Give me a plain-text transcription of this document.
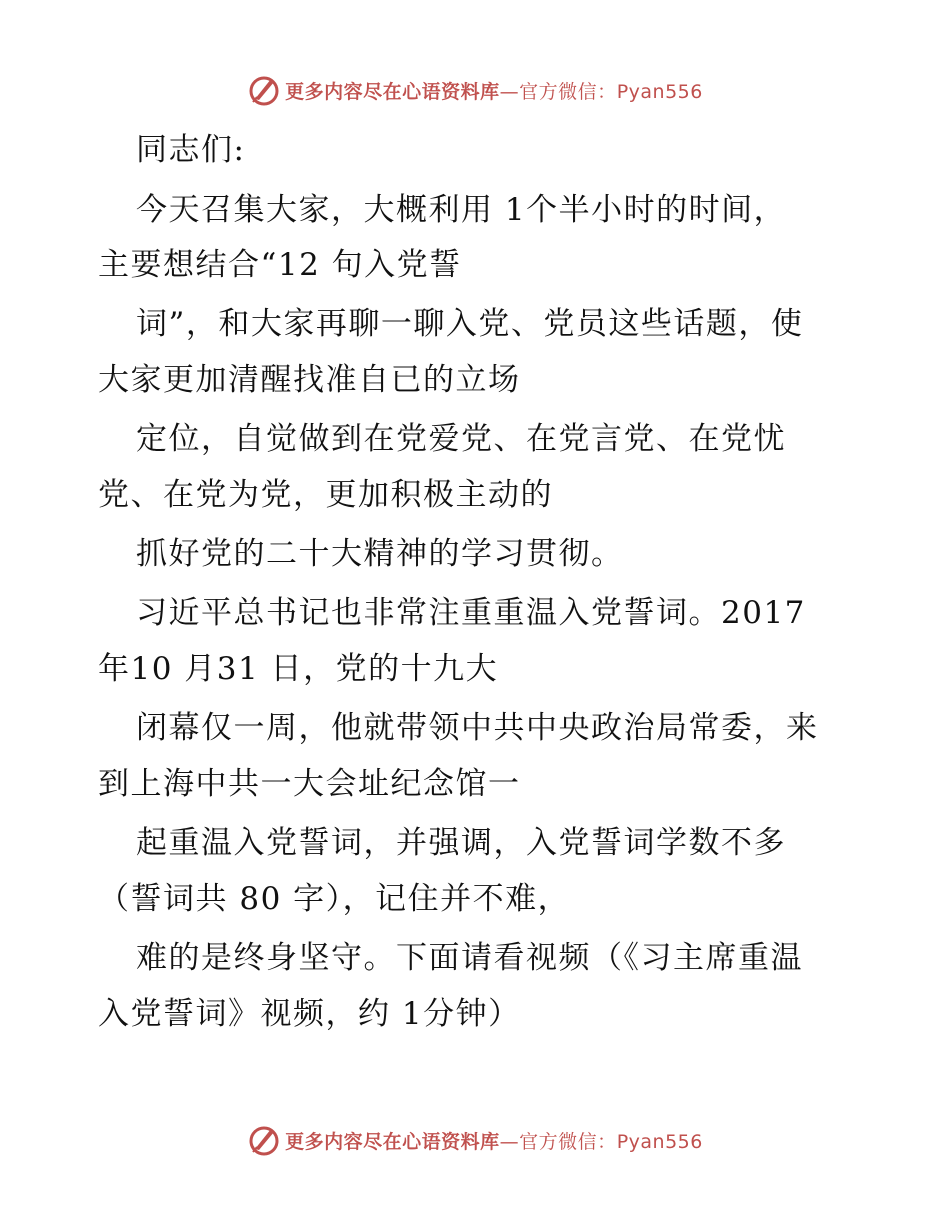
更多内容尽在心语资料库—官方微信：Pyan556
同志们:
今天召集大家，大概利用 1个半小时的时间，
主要想结合“12 句入党誓
词”，和大家再聊一聊入党、党员这些话题，使
大家更加清醒找准自已的立场
定位，自觉做到在党爱党、在党言党、在党忧
党、在党为党，更加积极主动的
抓好党的二十大精神的学习贯彻。
习近平总书记也非常注重重温入党誓词。2017
年10 月31 日，党的十九大
闭幕仅一周，他就带领中共中央政治局常委，来
到上海中共一大会址纪念馆一
起重温入党誓词，并强调，入党誓词学数不多
（誓词共 80 字），记住并不难，
难的是终身坚守。下面请看视频（《习主席重温
入党誓词》视频，约 1分钟）
更多内容尽在心语资料库—官方微信：Pyan556
